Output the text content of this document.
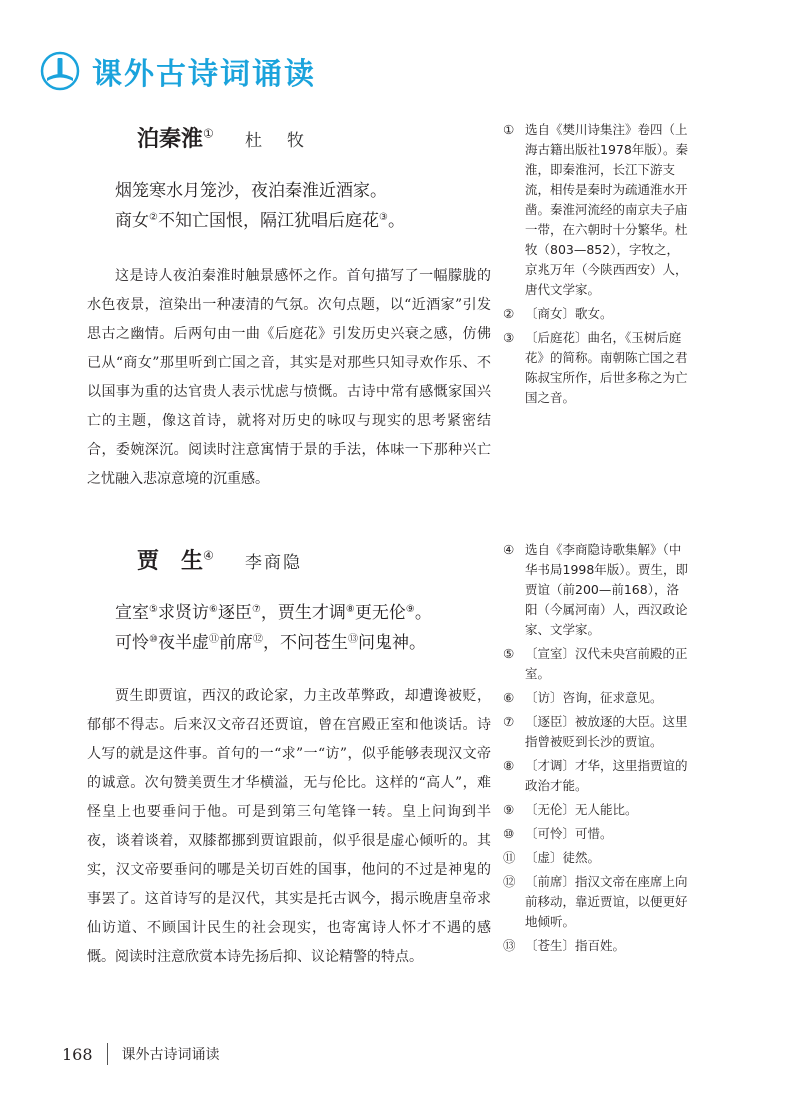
课外古诗词诵读
泊秦淮① 杜　牧
烟笼寒水月笼沙，夜泊秦淮近酒家。
商女②不知亡国恨，隔江犹唱后庭花③。

这是诗人夜泊秦淮时触景感怀之作。首句描写了一幅朦胧的水色夜景，渲染出一种凄清的气氛。次句点题，以“近酒家”引发思古之幽情。后两句由一曲《后庭花》引发历史兴衰之感，仿佛已从“商女”那里听到亡国之音，其实是对那些只知寻欢作乐、不以国事为重的达官贵人表示忧虑与愤慨。古诗中常有感慨家国兴亡的主题，像这首诗，就将对历史的咏叹与现实的思考紧密结合，委婉深沉。阅读时注意寓情于景的手法，体味一下那种兴亡之忧融入悲凉意境的沉重感。

① 选自《樊川诗集注》卷四（上海古籍出版社1978年版）。秦淮，即秦淮河，长江下游支流，相传是秦时为疏通淮水开凿。秦淮河流经的南京夫子庙一带，在六朝时十分繁华。杜牧（803—852），字牧之，京兆万年（今陕西西安）人，唐代文学家。
② 〔商女〕歌女。
③ 〔后庭花〕曲名，《玉树后庭花》的简称。南朝陈亡国之君陈叔宝所作，后世多称之为亡国之音。
贾　生④ 李商隐
宣室⑤求贤访⑥逐臣⑦，贾生才调⑧更无伦⑨。
可怜⑩夜半虚⑪前席⑫，不问苍生⑬问鬼神。

贾生即贾谊，西汉的政论家，力主改革弊政，却遭谗被贬，郁郁不得志。后来汉文帝召还贾谊，曾在宫殿正室和他谈话。诗人写的就是这件事。首句的一“求”一“访”，似乎能够表现汉文帝的诚意。次句赞美贾生才华横溢，无与伦比。这样的“高人”，难怪皇上也要垂问于他。可是到第三句笔锋一转。皇上问询到半夜，谈着谈着，双膝都挪到贾谊跟前，似乎很是虚心倾听的。其实，汉文帝要垂问的哪是关切百姓的国事，他问的不过是神鬼的事罢了。这首诗写的是汉代，其实是托古讽今，揭示晚唐皇帝求仙访道、不顾国计民生的社会现实，也寄寓诗人怀才不遇的感慨。阅读时注意欣赏本诗先扬后抑、议论精警的特点。

④ 选自《李商隐诗歌集解》（中华书局1998年版）。贾生，即贾谊（前200—前168），洛阳（今属河南）人，西汉政论家、文学家。
⑤ 〔宣室〕汉代未央宫前殿的正室。
⑥ 〔访〕咨询，征求意见。
⑦ 〔逐臣〕被放逐的大臣。这里指曾被贬到长沙的贾谊。
⑧ 〔才调〕才华，这里指贾谊的政治才能。
⑨ 〔无伦〕无人能比。
⑩ 〔可怜〕可惜。
⑪ 〔虚〕徒然。
⑫ 〔前席〕指汉文帝在座席上向前移动，靠近贾谊，以便更好地倾听。
⑬ 〔苍生〕指百姓。
168 课外古诗词诵读
